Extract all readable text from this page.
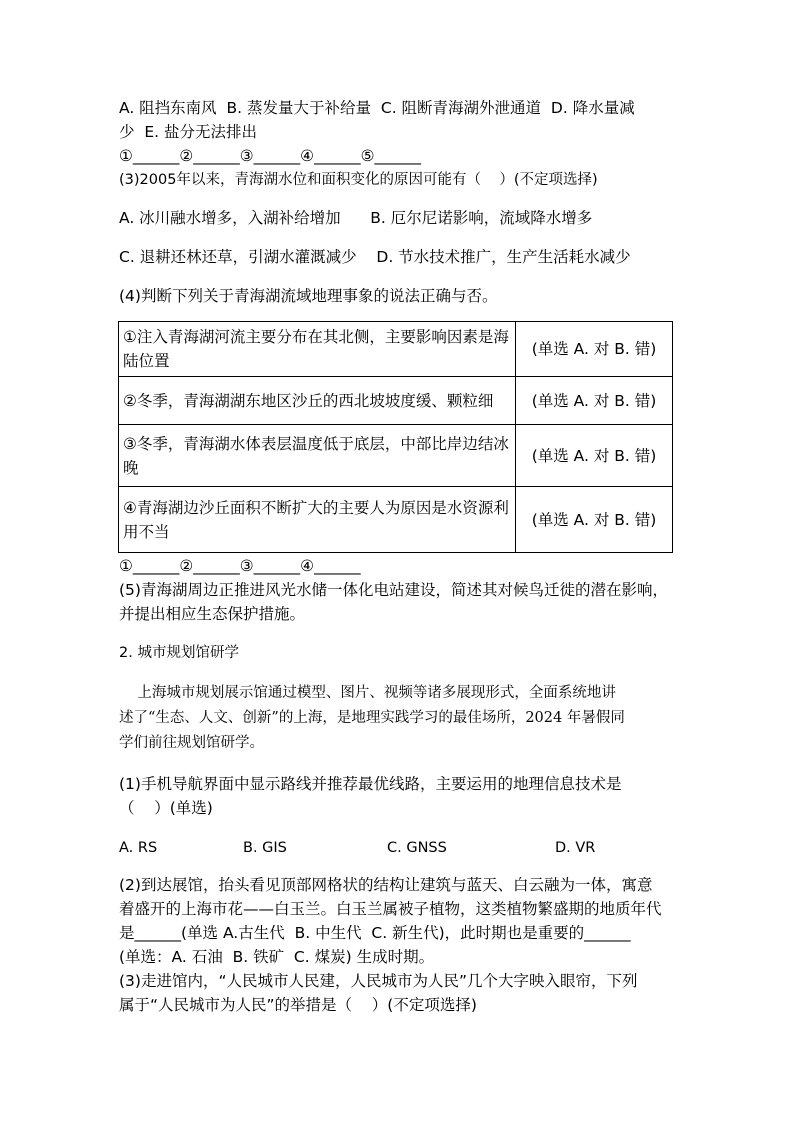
A. 阻挡东南风  B. 蒸发量大于补给量  C. 阻断青海湖外泄通道  D. 降水量减
少  E. 盐分无法排出
①______②______③______④______⑤______
(3)2005年以来，青海湖水位和面积变化的原因可能有（    ）(不定项选择)
A. 冰川融水增多，入湖补给增加      B. 厄尔尼诺影响，流域降水增多
C. 退耕还林还草，引湖水灌溉减少    D. 节水技术推广，生产生活耗水减少
(4)判断下列关于青海湖流域地理事象的说法正确与否。
①注入青海湖河流主要分布在其北侧，主要影响因素是海陆位置	(单选 A. 对 B. 错)
②冬季，青海湖湖东地区沙丘的西北坡坡度缓、颗粒细	(单选 A. 对 B. 错)
③冬季，青海湖水体表层温度低于底层，中部比岸边结冰晚	(单选 A. 对 B. 错)
④青海湖边沙丘面积不断扩大的主要人为原因是水资源利用不当	(单选 A. 对 B. 错)
①______②______③______④______
(5)青海湖周边正推进风光水储一体化电站建设，简述其对候鸟迁徙的潜在影响，
并提出相应生态保护措施。
2. 城市规划馆研学
上海城市规划展示馆通过模型、图片、视频等诸多展现形式，全面系统地讲
述了“生态、人文、创新”的上海，是地理实践学习的最佳场所，2024 年暑假同
学们前往规划馆研学。
(1)手机导航界面中显示路线并推荐最优线路，主要运用的地理信息技术是
（    ）(单选)
A. RS	B. GIS	C. GNSS	D. VR
(2)到达展馆，抬头看见顶部网格状的结构让建筑与蓝天、白云融为一体，寓意
着盛开的上海市花——白玉兰。白玉兰属被子植物，这类植物繁盛期的地质年代
是______(单选 A.古生代  B. 中生代  C. 新生代)，此时期也是重要的______
(单选：A. 石油  B. 铁矿  C. 煤炭) 生成时期。
(3)走进馆内，“人民城市人民建，人民城市为人民”几个大字映入眼帘，下列
属于“人民城市为人民”的举措是（    ）(不定项选择)
